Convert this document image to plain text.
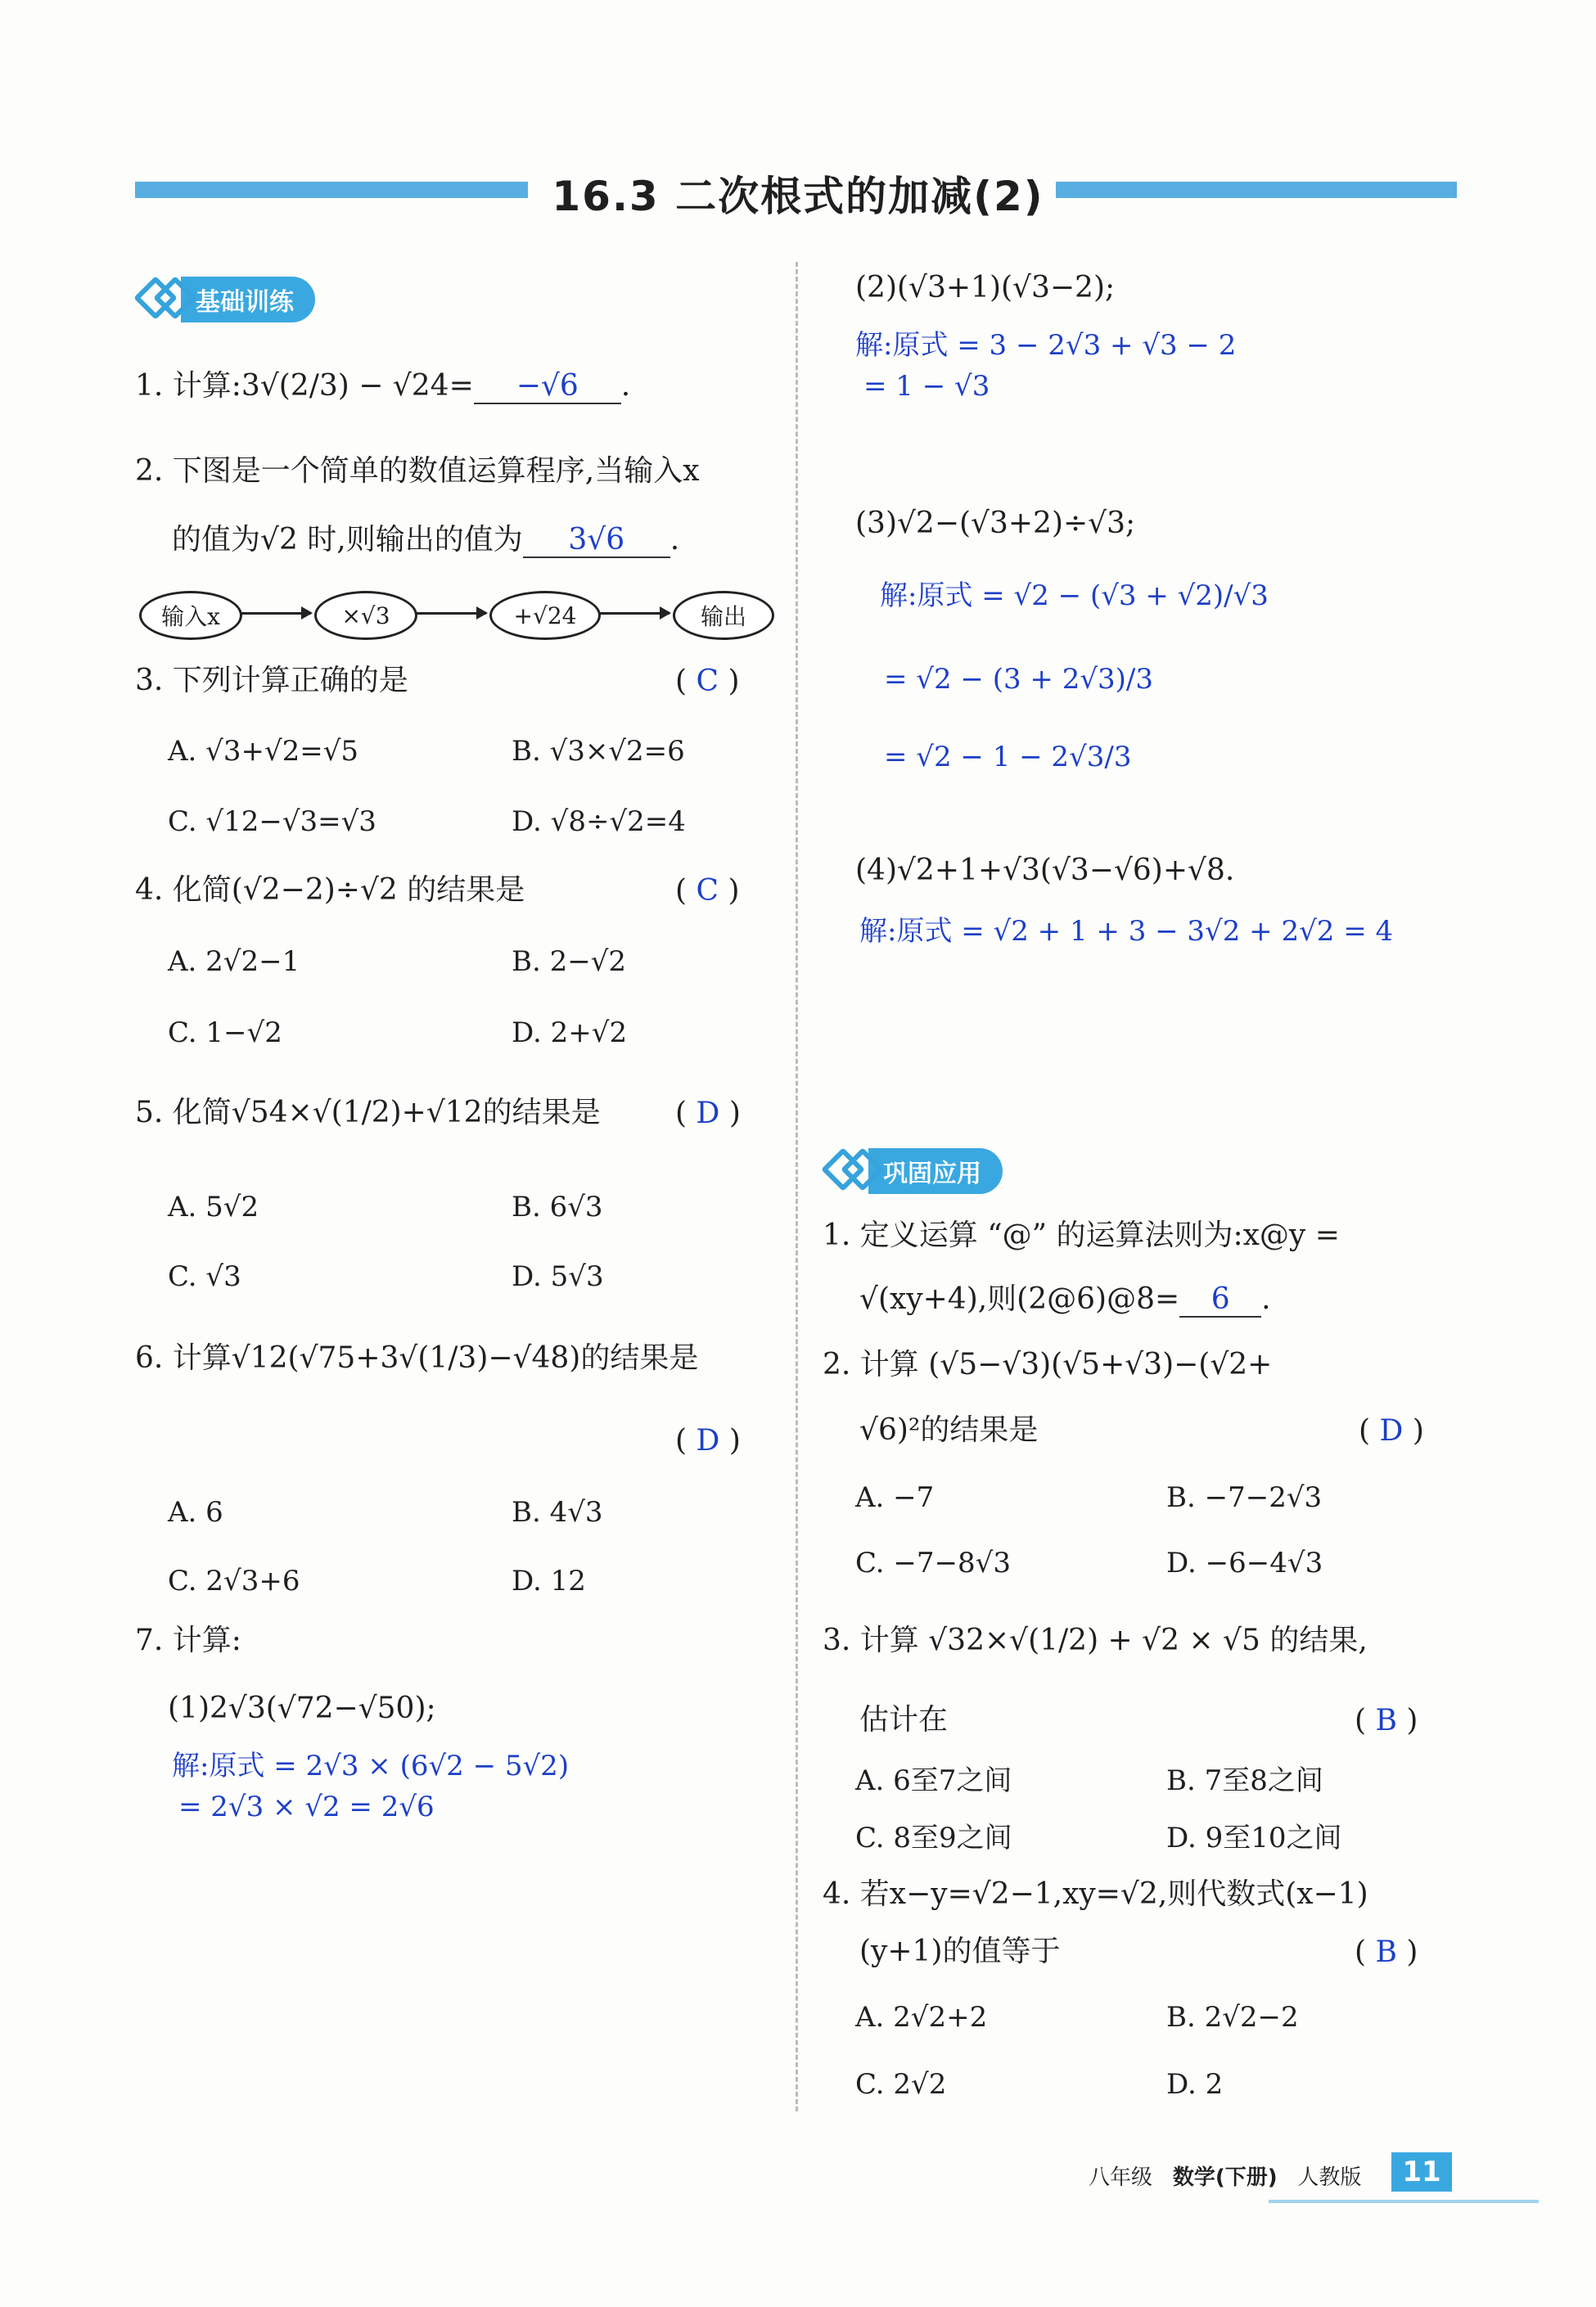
16.3 二次根式的加减(2)
基础训练
1. 计算:3√(2/3) − √24= −√6 .
2. 下图是一个简单的数值运算程序,当输入x
的值为√2 时,则输出的值为 3√6 .
输入x	×√3	+√24	输出
3. 下列计算正确的是	( C )
A. √3+√2=√5	B. √3×√2=6
C. √12−√3=√3	D. √8÷√2=4
4. 化简(√2−2)÷√2 的结果是	( C )
A. 2√2−1	B. 2−√2
C. 1−√2	D. 2+√2
5. 化简√54×√(1/2)+√12的结果是	( D )
A. 5√2	B. 6√3
C. √3	D. 5√3
6. 计算√12(√75+3√(1/3)−√48)的结果是
( D )
A. 6	B. 4√3
C. 2√3+6	D. 12
7. 计算:
(1)2√3(√72−√50);
解:原式 = 2√3 × (6√2 − 5√2)
= 2√3 × √2 = 2√6
(2)(√3+1)(√3−2);
解:原式 = 3 − 2√3 + √3 − 2
= 1 − √3
(3)√2−(√3+2)÷√3;
解:原式 = √2 − (√3 + √2)/√3
= √2 − (3 + 2√3)/3
= √2 − 1 − 2√3/3
(4)√2+1+√3(√3−√6)+√8.
解:原式 = √2 + 1 + 3 − 3√2 + 2√2 = 4
巩固应用
1. 定义运算 “@” 的运算法则为:x@y =
√(xy+4),则(2@6)@8= 6 .
2. 计算 (√5−√3)(√5+√3)−(√2+
√6)²的结果是	( D )
A. −7	B. −7−2√3
C. −7−8√3	D. −6−4√3
3. 计算 √32×√(1/2) + √2 × √5 的结果,
估计在	( B )
A. 6至7之间	B. 7至8之间
C. 8至9之间	D. 9至10之间
4. 若x−y=√2−1,xy=√2,则代数式(x−1)
(y+1)的值等于	( B )
A. 2√2+2	B. 2√2−2
C. 2√2	D. 2
八年级 数学(下册) 人教版	11
